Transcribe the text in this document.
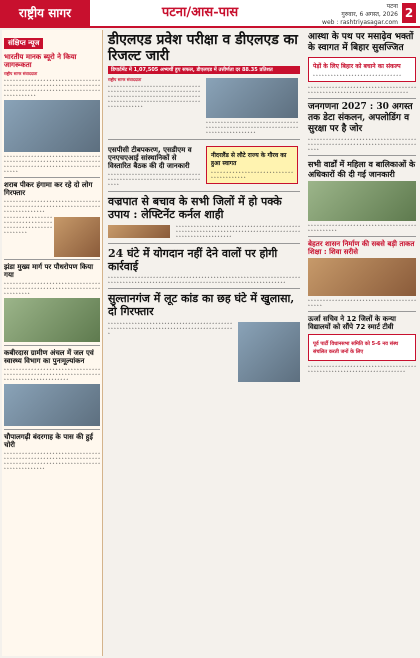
राष्ट्रीय सागर	पटना/आस-पास	पटना
गुरुवार, 6 अगस्त, 2026
web : rashtriyasagar.com
2
संक्षिप्त न्यूज
भारतीय मानक ब्यूरो ने किया जागरूकता
राष्ट्रीय सागर संवाददाता
॰ ॰ ॰ ॰ ॰ ॰ ॰ ॰ ॰ ॰ ॰ ॰ ॰ ॰ ॰ ॰ ॰ ॰ ॰ ॰ ॰ ॰ ॰ ॰ ॰ ॰ ॰ ॰ ॰ ॰ ॰ ॰ ॰ ॰ ॰ ॰ ॰ ॰ ॰ ॰ ॰ ॰ ॰ ॰ ॰ ॰ ॰ ॰ ॰ ॰ ॰ ॰ ॰ ॰ ॰ ॰ ॰ ॰ ॰ ॰ ॰ ॰ ॰ ॰ ॰ ॰ ॰ ॰ ॰ ॰ ॰ ॰ ॰ ॰ ॰ ॰ ॰ ॰ ॰ ॰ ॰ ॰ ॰ ॰ ॰ ॰ ॰ ॰ ॰ ॰ ॰ ॰ ॰ ॰ ॰ ॰ ॰ ॰ ॰ ॰ ॰ ॰ ॰ ॰ ॰ ॰ ॰
॰ ॰ ॰ ॰ ॰ ॰ ॰ ॰ ॰ ॰ ॰ ॰ ॰ ॰ ॰ ॰ ॰ ॰ ॰ ॰ ॰ ॰ ॰ ॰ ॰ ॰ ॰ ॰ ॰ ॰ ॰ ॰ ॰ ॰ ॰ ॰ ॰ ॰ ॰ ॰ ॰ ॰ ॰ ॰ ॰ ॰ ॰ ॰ ॰ ॰ ॰ ॰ ॰ ॰ ॰ ॰ ॰ ॰ ॰ ॰ ॰ ॰ ॰ ॰ ॰ ॰ ॰ ॰ ॰ ॰ ॰ ॰ ॰ ॰ ॰ ॰ ॰ ॰ ॰ ॰ ॰ ॰ ॰ ॰ ॰ ॰ ॰ ॰ ॰ ॰ ॰ ॰ ॰ ॰ ॰ ॰ ॰ ॰ ॰ ॰ ॰
शराब पीकर हंगामा कर रहे दो लोग गिरफ्तार
॰ ॰ ॰ ॰ ॰ ॰ ॰ ॰ ॰ ॰ ॰ ॰ ॰ ॰ ॰ ॰ ॰ ॰ ॰ ॰ ॰ ॰ ॰ ॰ ॰ ॰ ॰ ॰ ॰ ॰ ॰ ॰ ॰ ॰ ॰ ॰ ॰ ॰ ॰ ॰ ॰ ॰ ॰ ॰ ॰ ॰ ॰ ॰ ॰ ॰ ॰ ॰ ॰ ॰ ॰ ॰ ॰ ॰ ॰ ॰ ॰ ॰ ॰ ॰ ॰ ॰ ॰ ॰ ॰ ॰ ॰ ॰ ॰ ॰ ॰ ॰ ॰ ॰
॰ ॰ ॰ ॰ ॰ ॰ ॰ ॰ ॰ ॰ ॰ ॰ ॰ ॰ ॰ ॰ ॰ ॰ ॰ ॰ ॰ ॰ ॰ ॰ ॰ ॰ ॰ ॰ ॰ ॰ ॰ ॰ ॰ ॰ ॰ ॰ ॰ ॰ ॰ ॰ ॰ ॰ ॰ ॰ ॰ ॰ ॰ ॰ ॰ ॰ ॰ ॰ ॰ ॰ ॰ ॰
झंडा मुख्य मार्ग पर पौधरोपण किया गया
॰ ॰ ॰ ॰ ॰ ॰ ॰ ॰ ॰ ॰ ॰ ॰ ॰ ॰ ॰ ॰ ॰ ॰ ॰ ॰ ॰ ॰ ॰ ॰ ॰ ॰ ॰ ॰ ॰ ॰ ॰ ॰ ॰ ॰ ॰ ॰ ॰ ॰ ॰ ॰ ॰ ॰ ॰ ॰ ॰ ॰ ॰ ॰ ॰ ॰ ॰ ॰ ॰ ॰ ॰ ॰ ॰ ॰ ॰ ॰ ॰ ॰ ॰ ॰ ॰ ॰ ॰ ॰ ॰ ॰ ॰ ॰ ॰
कबीरदास ग्रामीण अंचल में जल एवं स्वास्थ्य विभाग का पुनःमूल्यांकन
॰ ॰ ॰ ॰ ॰ ॰ ॰ ॰ ॰ ॰ ॰ ॰ ॰ ॰ ॰ ॰ ॰ ॰ ॰ ॰ ॰ ॰ ॰ ॰ ॰ ॰ ॰ ॰ ॰ ॰ ॰ ॰ ॰ ॰ ॰ ॰ ॰ ॰ ॰ ॰ ॰ ॰ ॰ ॰ ॰ ॰ ॰ ॰ ॰ ॰ ॰ ॰ ॰ ॰ ॰ ॰ ॰ ॰ ॰ ॰ ॰ ॰ ॰ ॰ ॰ ॰ ॰ ॰ ॰ ॰ ॰ ॰ ॰ ॰ ॰ ॰ ॰ ॰ ॰ ॰ ॰ ॰ ॰ ॰ ॰ ॰
चौपालगढ़ी बंदरगाह के पास की हुई चोरी
॰ ॰ ॰ ॰ ॰ ॰ ॰ ॰ ॰ ॰ ॰ ॰ ॰ ॰ ॰ ॰ ॰ ॰ ॰ ॰ ॰ ॰ ॰ ॰ ॰ ॰ ॰ ॰ ॰ ॰ ॰ ॰ ॰ ॰ ॰ ॰ ॰ ॰ ॰ ॰ ॰ ॰ ॰ ॰ ॰ ॰ ॰ ॰ ॰ ॰ ॰ ॰ ॰ ॰ ॰ ॰ ॰ ॰ ॰ ॰ ॰ ॰ ॰ ॰ ॰ ॰ ॰ ॰ ॰ ॰ ॰ ॰ ॰ ॰ ॰ ॰ ॰ ॰ ॰ ॰ ॰ ॰ ॰ ॰ ॰ ॰ ॰ ॰ ॰ ॰ ॰ ॰ ॰ ॰ ॰ ॰ ॰ ॰ ॰ ॰ ॰ ॰ ॰ ॰ ॰ ॰ ॰ ॰ ॰ ॰
डीएलएड प्रवेश परीक्षा व डीएलएड का रिजल्ट जारी
डिपार्टमेंट में 1,07,505 अभ्यर्थी हुए सफल, डीएलएड में उत्तीर्णता दर 88.35 प्रतिशत
राष्ट्रीय सागर संवाददाता
॰ ॰ ॰ ॰ ॰ ॰ ॰ ॰ ॰ ॰ ॰ ॰ ॰ ॰ ॰ ॰ ॰ ॰ ॰ ॰ ॰ ॰ ॰ ॰ ॰ ॰ ॰ ॰ ॰ ॰ ॰ ॰ ॰ ॰ ॰ ॰ ॰ ॰ ॰ ॰ ॰ ॰ ॰ ॰ ॰ ॰ ॰ ॰ ॰ ॰ ॰ ॰ ॰ ॰ ॰ ॰ ॰ ॰ ॰ ॰ ॰ ॰ ॰ ॰ ॰ ॰ ॰ ॰ ॰ ॰ ॰ ॰ ॰ ॰ ॰ ॰ ॰ ॰ ॰ ॰ ॰ ॰ ॰ ॰ ॰ ॰ ॰ ॰ ॰ ॰ ॰ ॰ ॰ ॰ ॰ ॰ ॰ ॰ ॰ ॰ ॰ ॰ ॰ ॰ ॰ ॰ ॰ ॰ ॰ ॰ ॰ ॰ ॰ ॰ ॰ ॰ ॰ ॰ ॰ ॰ ॰ ॰ ॰ ॰ ॰ ॰ ॰ ॰ ॰ ॰ ॰ ॰ ॰ ॰ ॰ ॰
॰ ॰ ॰ ॰ ॰ ॰ ॰ ॰ ॰ ॰ ॰ ॰ ॰ ॰ ॰ ॰ ॰ ॰ ॰ ॰ ॰ ॰ ॰ ॰ ॰ ॰ ॰ ॰ ॰ ॰ ॰ ॰ ॰ ॰ ॰ ॰ ॰ ॰ ॰ ॰ ॰ ॰ ॰ ॰ ॰ ॰ ॰ ॰ ॰ ॰ ॰ ॰ ॰ ॰ ॰ ॰ ॰ ॰ ॰ ॰ ॰ ॰ ॰ ॰ ॰ ॰ ॰ ॰ ॰ ॰ ॰ ॰ ॰ ॰ ॰ ॰ ॰ ॰ ॰
एसपीसी टीबपकरण, एसडीएम व एनएचएआई सांस्थानिकों से विस्तारित बैठक की दी जानकारी
॰ ॰ ॰ ॰ ॰ ॰ ॰ ॰ ॰ ॰ ॰ ॰ ॰ ॰ ॰ ॰ ॰ ॰ ॰ ॰ ॰ ॰ ॰ ॰ ॰ ॰ ॰ ॰ ॰ ॰ ॰ ॰ ॰ ॰ ॰ ॰ ॰ ॰ ॰ ॰ ॰ ॰ ॰ ॰ ॰ ॰ ॰ ॰ ॰ ॰ ॰ ॰ ॰ ॰ ॰ ॰ ॰ ॰ ॰ ॰ ॰ ॰ ॰ ॰ ॰ ॰
नीदरलैंड से लौटे राज्य के गौरव का हुआ स्वागत
॰ ॰ ॰ ॰ ॰ ॰ ॰ ॰ ॰ ॰ ॰ ॰ ॰ ॰ ॰ ॰ ॰ ॰ ॰ ॰ ॰ ॰ ॰ ॰ ॰ ॰ ॰ ॰ ॰ ॰ ॰ ॰ ॰ ॰ ॰ ॰ ॰ ॰ ॰
वज्रपात से बचाव के सभी जिलों में हो पक्के उपाय : लेफ्टिनेंट कर्नल शाही
॰ ॰ ॰ ॰ ॰ ॰ ॰ ॰ ॰ ॰ ॰ ॰ ॰ ॰ ॰ ॰ ॰ ॰ ॰ ॰ ॰ ॰ ॰ ॰ ॰ ॰ ॰ ॰ ॰ ॰ ॰ ॰ ॰ ॰ ॰ ॰ ॰ ॰ ॰ ॰ ॰ ॰ ॰ ॰ ॰ ॰ ॰ ॰ ॰ ॰ ॰ ॰ ॰ ॰ ॰ ॰ ॰ ॰ ॰ ॰ ॰ ॰ ॰ ॰ ॰ ॰ ॰ ॰ ॰ ॰ ॰ ॰ ॰ ॰ ॰ ॰ ॰ ॰ ॰ ॰ ॰ ॰ ॰ ॰ ॰ ॰ ॰ ॰ ॰ ॰ ॰ ॰ ॰ ॰ ॰ ॰ ॰ ॰ ॰ ॰ ॰ ॰ ॰
24 घंटे में योगदान नहीं देने वालों पर होगी कार्रवाई
॰ ॰ ॰ ॰ ॰ ॰ ॰ ॰ ॰ ॰ ॰ ॰ ॰ ॰ ॰ ॰ ॰ ॰ ॰ ॰ ॰ ॰ ॰ ॰ ॰ ॰ ॰ ॰ ॰ ॰ ॰ ॰ ॰ ॰ ॰ ॰ ॰ ॰ ॰ ॰ ॰ ॰ ॰ ॰ ॰ ॰ ॰ ॰ ॰ ॰ ॰ ॰ ॰ ॰ ॰ ॰ ॰ ॰ ॰ ॰ ॰ ॰ ॰ ॰ ॰ ॰ ॰ ॰ ॰ ॰ ॰ ॰ ॰ ॰ ॰ ॰ ॰ ॰ ॰ ॰ ॰ ॰ ॰ ॰ ॰ ॰ ॰ ॰ ॰ ॰ ॰ ॰ ॰ ॰ ॰ ॰ ॰ ॰ ॰ ॰ ॰ ॰ ॰ ॰ ॰ ॰ ॰ ॰ ॰ ॰ ॰ ॰ ॰ ॰ ॰ ॰ ॰ ॰ ॰ ॰ ॰ ॰ ॰ ॰
सुल्तानगंज में लूट कांड का छह घंटे में खुलासा, दो गिरफ्तार
॰ ॰ ॰ ॰ ॰ ॰ ॰ ॰ ॰ ॰ ॰ ॰ ॰ ॰ ॰ ॰ ॰ ॰ ॰ ॰ ॰ ॰ ॰ ॰ ॰ ॰ ॰ ॰ ॰ ॰ ॰ ॰ ॰ ॰ ॰ ॰ ॰ ॰ ॰ ॰ ॰ ॰ ॰ ॰ ॰ ॰ ॰ ॰ ॰ ॰ ॰ ॰ ॰ ॰ ॰ ॰ ॰ ॰ ॰ ॰ ॰ ॰ ॰ ॰ ॰ ॰ ॰ ॰ ॰ ॰ ॰ ॰ ॰ ॰ ॰ ॰ ॰ ॰ ॰ ॰ ॰ ॰ ॰ ॰ ॰
आस्था के पथ पर मसाढ़ेव भक्तों के स्वागत में बिहार सुसज्जित
पेड़ों के लिए बिहार को बचाने का संकल्प
॰ ॰ ॰ ॰ ॰ ॰ ॰ ॰ ॰ ॰ ॰ ॰ ॰ ॰ ॰ ॰ ॰ ॰ ॰ ॰ ॰ ॰ ॰ ॰ ॰ ॰ ॰ ॰ ॰ ॰
॰ ॰ ॰ ॰ ॰ ॰ ॰ ॰ ॰ ॰ ॰ ॰ ॰ ॰ ॰ ॰ ॰ ॰ ॰ ॰ ॰ ॰ ॰ ॰ ॰ ॰ ॰ ॰ ॰ ॰ ॰ ॰ ॰ ॰ ॰ ॰ ॰ ॰ ॰ ॰ ॰ ॰ ॰ ॰ ॰ ॰ ॰ ॰ ॰ ॰ ॰ ॰ ॰ ॰ ॰ ॰ ॰ ॰ ॰ ॰ ॰ ॰ ॰ ॰ ॰ ॰ ॰ ॰ ॰ ॰
जनगणना 2027 : 30 अगस्त तक डेटा संकलन, अपलोडिंग व सुरक्षा पर है जोर
॰ ॰ ॰ ॰ ॰ ॰ ॰ ॰ ॰ ॰ ॰ ॰ ॰ ॰ ॰ ॰ ॰ ॰ ॰ ॰ ॰ ॰ ॰ ॰ ॰ ॰ ॰ ॰ ॰ ॰ ॰ ॰ ॰ ॰ ॰ ॰ ॰ ॰ ॰ ॰ ॰ ॰ ॰ ॰ ॰ ॰ ॰ ॰ ॰ ॰ ॰ ॰ ॰ ॰ ॰ ॰ ॰ ॰ ॰ ॰ ॰ ॰ ॰ ॰ ॰ ॰ ॰ ॰ ॰ ॰ ॰ ॰ ॰ ॰ ॰ ॰
सभी वार्डों में महिला व बालिकाओं के अधिकारों की दी गई जानकारी
॰ ॰ ॰ ॰ ॰ ॰ ॰ ॰ ॰ ॰ ॰ ॰ ॰ ॰ ॰ ॰ ॰ ॰ ॰ ॰ ॰ ॰ ॰ ॰ ॰ ॰ ॰ ॰ ॰ ॰ ॰ ॰ ॰ ॰ ॰ ॰ ॰ ॰ ॰ ॰ ॰ ॰ ॰ ॰ ॰ ॰
बेहतर शासन निर्माण की सबसे बड़ी ताकत शिक्षा : शिवा सरीसे
॰ ॰ ॰ ॰ ॰ ॰ ॰ ॰ ॰ ॰ ॰ ॰ ॰ ॰ ॰ ॰ ॰ ॰ ॰ ॰ ॰ ॰ ॰ ॰ ॰ ॰ ॰ ॰ ॰ ॰ ॰ ॰ ॰ ॰ ॰ ॰ ॰ ॰ ॰ ॰ ॰
ऊर्जा सचिव ने 12 जिलों के कन्या विद्यालयों को सौंपे 72 स्मार्ट टीवी
पूर्व पार्टी विधानसभा समिति को 5-6 नव संस्थ संचलित करती जनों के लिए
॰ ॰ ॰ ॰ ॰ ॰ ॰ ॰ ॰ ॰ ॰ ॰ ॰ ॰ ॰ ॰ ॰ ॰ ॰ ॰ ॰ ॰ ॰ ॰ ॰ ॰ ॰ ॰ ॰ ॰ ॰ ॰ ॰ ॰ ॰ ॰ ॰ ॰ ॰ ॰ ॰ ॰ ॰ ॰ ॰ ॰ ॰ ॰ ॰ ॰ ॰ ॰ ॰ ॰ ॰ ॰ ॰ ॰ ॰ ॰ ॰ ॰ ॰ ॰ ॰ ॰ ॰ ॰ ॰
